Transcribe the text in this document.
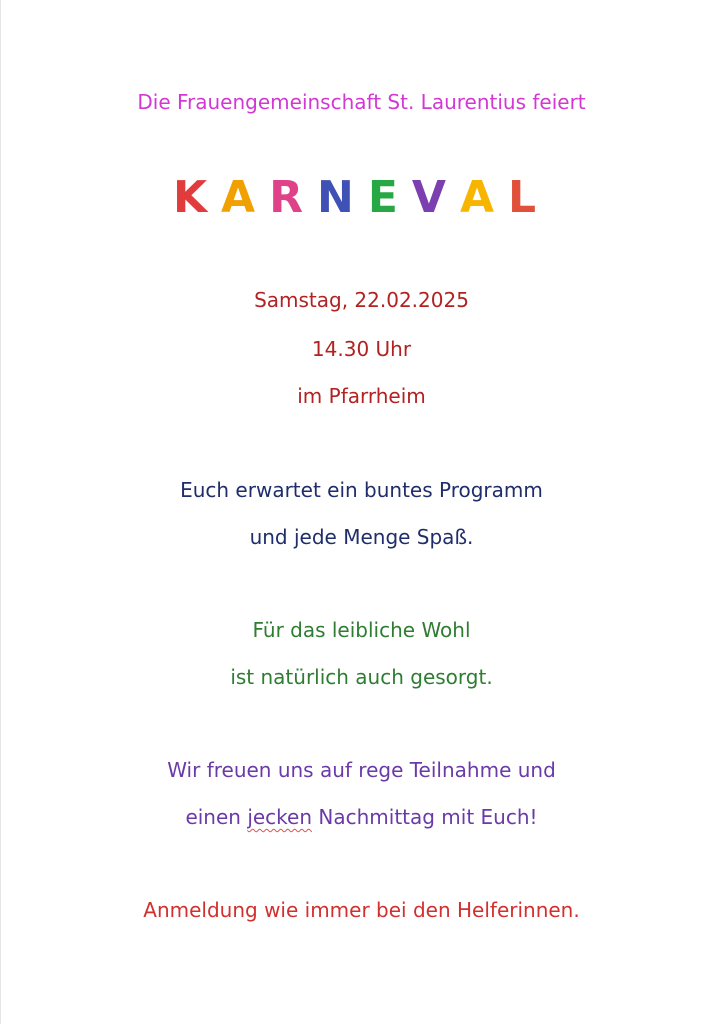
Die Frauengemeinschaft St. Laurentius feiert
KARNEVAL
Samstag, 22.02.2025
14.30 Uhr
im Pfarrheim
Euch erwartet ein buntes Programm
und jede Menge Spaß.
Für das leibliche Wohl
ist natürlich auch gesorgt.
Wir freuen uns auf rege Teilnahme und
einen jecken Nachmittag mit Euch!
Anmeldung wie immer bei den Helferinnen.
